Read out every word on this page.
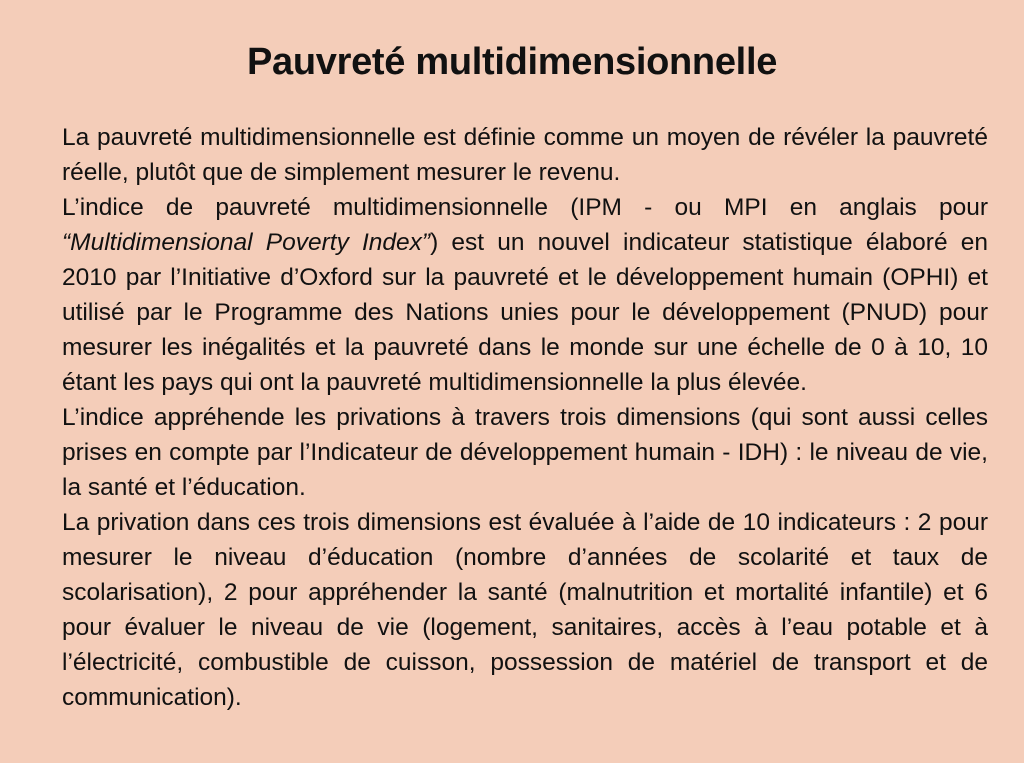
Pauvreté multidimensionnelle

La pauvreté multidimensionnelle est définie comme un moyen de révéler la pauvreté réelle, plutôt que de simplement mesurer le revenu.

L’indice de pauvreté multidimensionnelle (IPM - ou MPI en anglais pour “Multidimensional Poverty Index”) est un nouvel indicateur statistique élaboré en 2010 par l’Initiative d’Oxford sur la pauvreté et le développement humain (OPHI) et utilisé par le Programme des Nations unies pour le développement (PNUD) pour mesurer les inégalités et la pauvreté dans le monde sur une échelle de 0 à 10, 10 étant les pays qui ont la pauvreté multidimensionnelle la plus élevée.

L’indice appréhende les privations à travers trois dimensions (qui sont aussi celles prises en compte par l’Indicateur de développement humain - IDH) : le niveau de vie, la santé et l’éducation.

La privation dans ces trois dimensions est évaluée à l’aide de 10 indicateurs : 2 pour mesurer le niveau d’éducation (nombre d’années de scolarité et taux de scolarisation), 2 pour appréhender la santé (malnutrition et mortalité infantile) et 6 pour évaluer le niveau de vie (logement, sanitaires, accès à l’eau potable et à l’électricité, combustible de cuisson, possession de matériel de transport et de communication).
